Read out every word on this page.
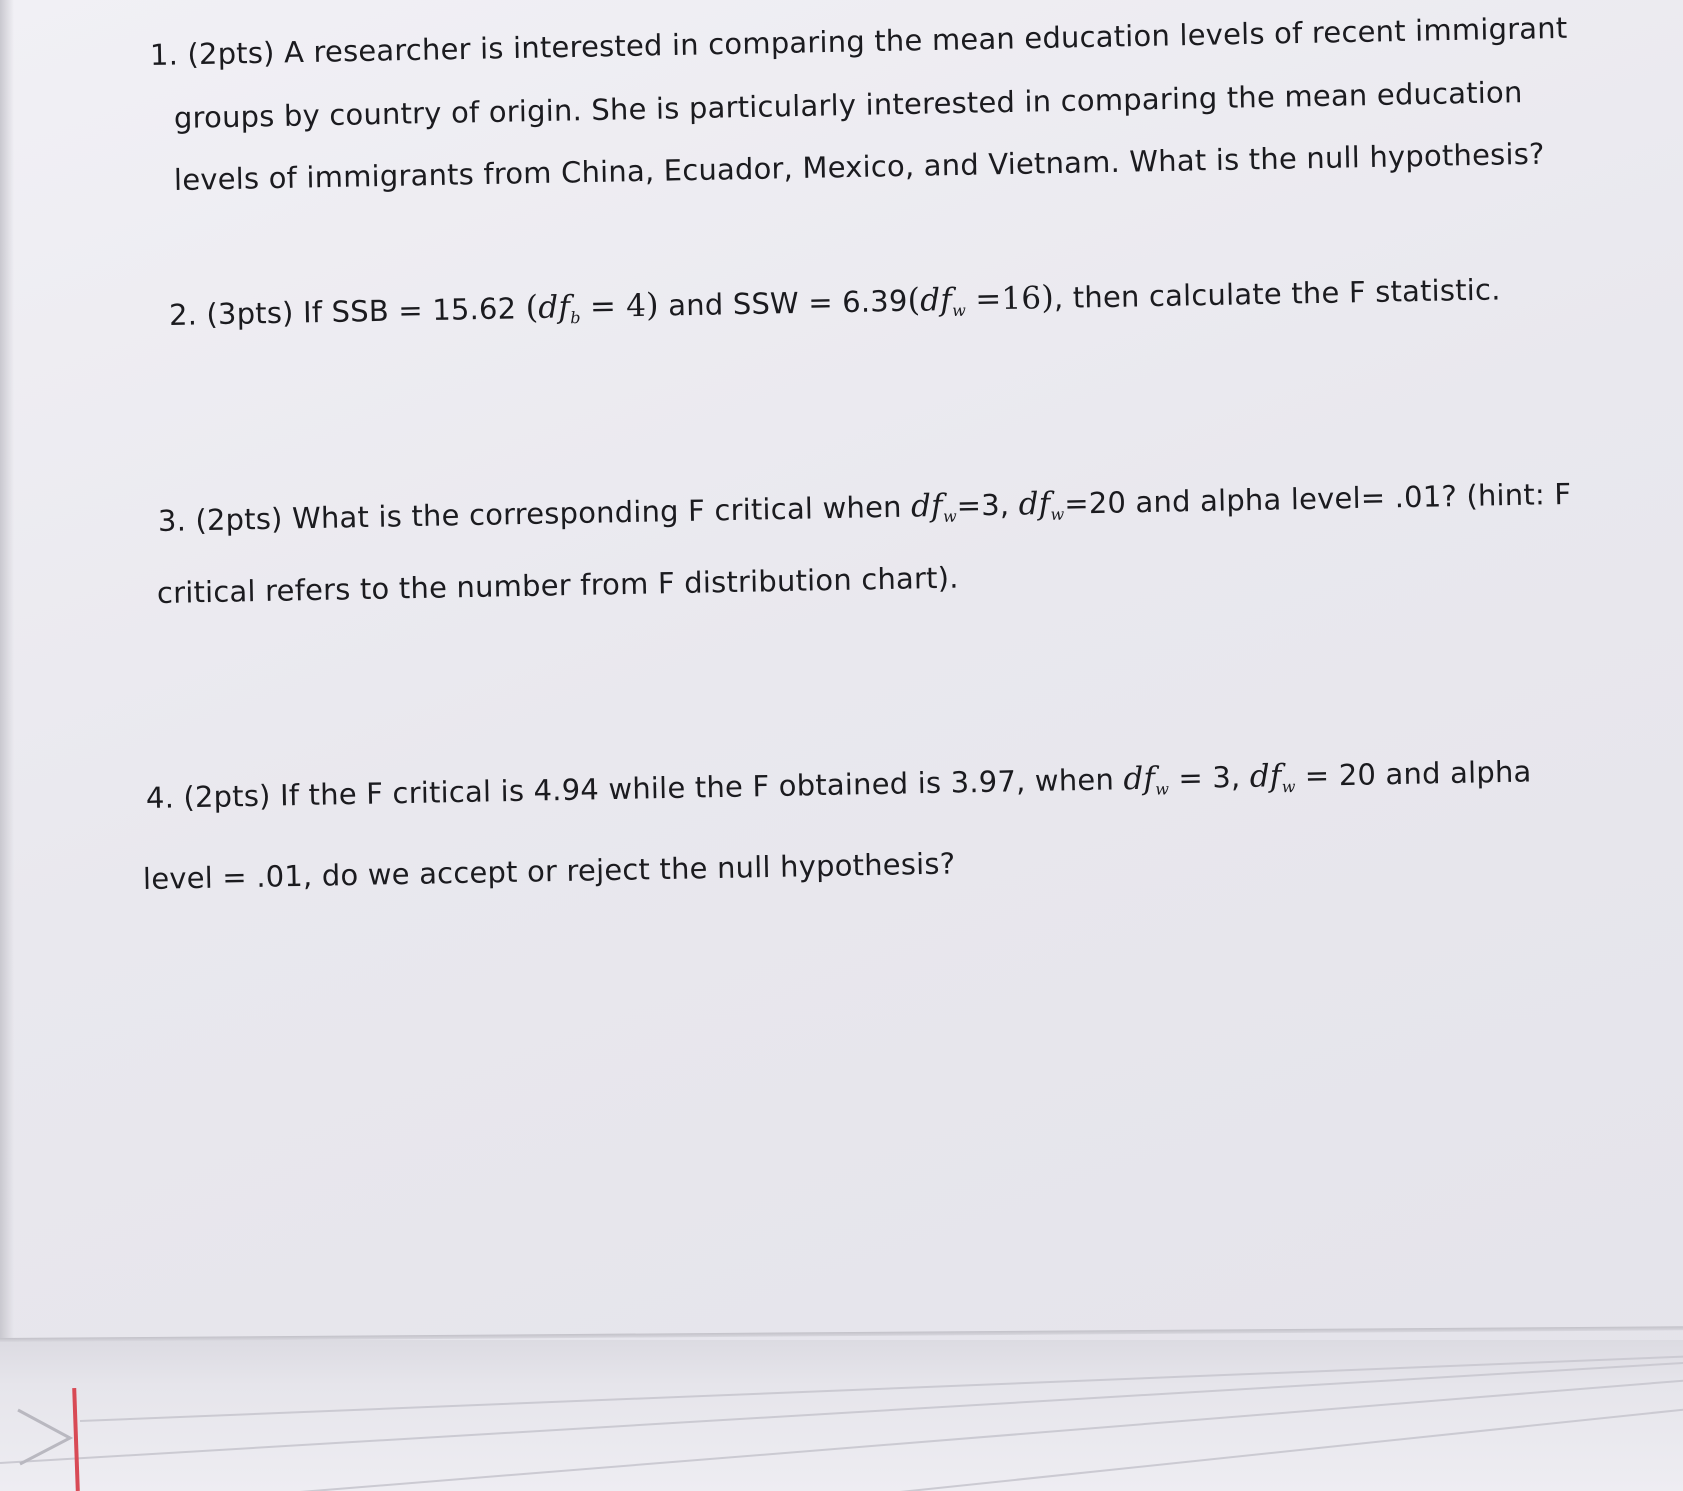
1. (2pts) A researcher is interested in comparing the mean education levels of recent immigrant
groups by country of origin. She is particularly interested in comparing the mean education
levels of immigrants from China, Ecuador, Mexico, and Vietnam. What is the null hypothesis?
2. (3pts) If SSB = 15.62 $(df_b = 4)$ and SSW = $6.39(df_w =16)$, then calculate the F statistic.
3. (2pts) What is the corresponding F critical when $df_w=3$, $df_w=20$ and alpha level= .01? (hint: F
critical refers to the number from F distribution chart).
4. (2pts) If the F critical is 4.94 while the F obtained is 3.97, when $df_w = 3$, $df_w = 20$ and alpha
level = .01, do we accept or reject the null hypothesis?
